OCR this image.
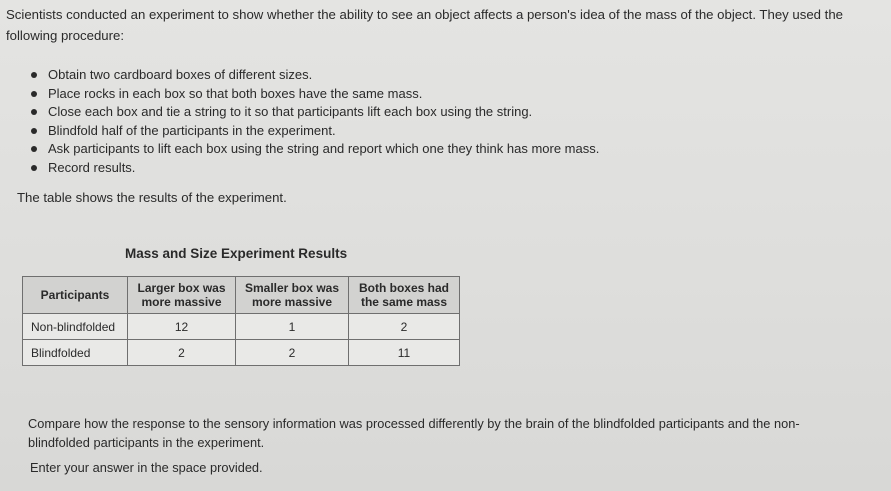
Scientists conducted an experiment to show whether the ability to see an object affects a person's idea of the mass of the object. They used the following procedure:
Obtain two cardboard boxes of different sizes.
Place rocks in each box so that both boxes have the same mass.
Close each box and tie a string to it so that participants lift each box using the string.
Blindfold half of the participants in the experiment.
Ask participants to lift each box using the string and report which one they think has more mass.
Record results.
The table shows the results of the experiment.
Mass and Size Experiment Results
Participants	Larger box was more massive	Smaller box was more massive	Both boxes had the same mass
Non-blindfolded	12	1	2
Blindfolded	2	2	11
Compare how the response to the sensory information was processed differently by the brain of the blindfolded participants and the non-blindfolded participants in the experiment.
Enter your answer in the space provided.
